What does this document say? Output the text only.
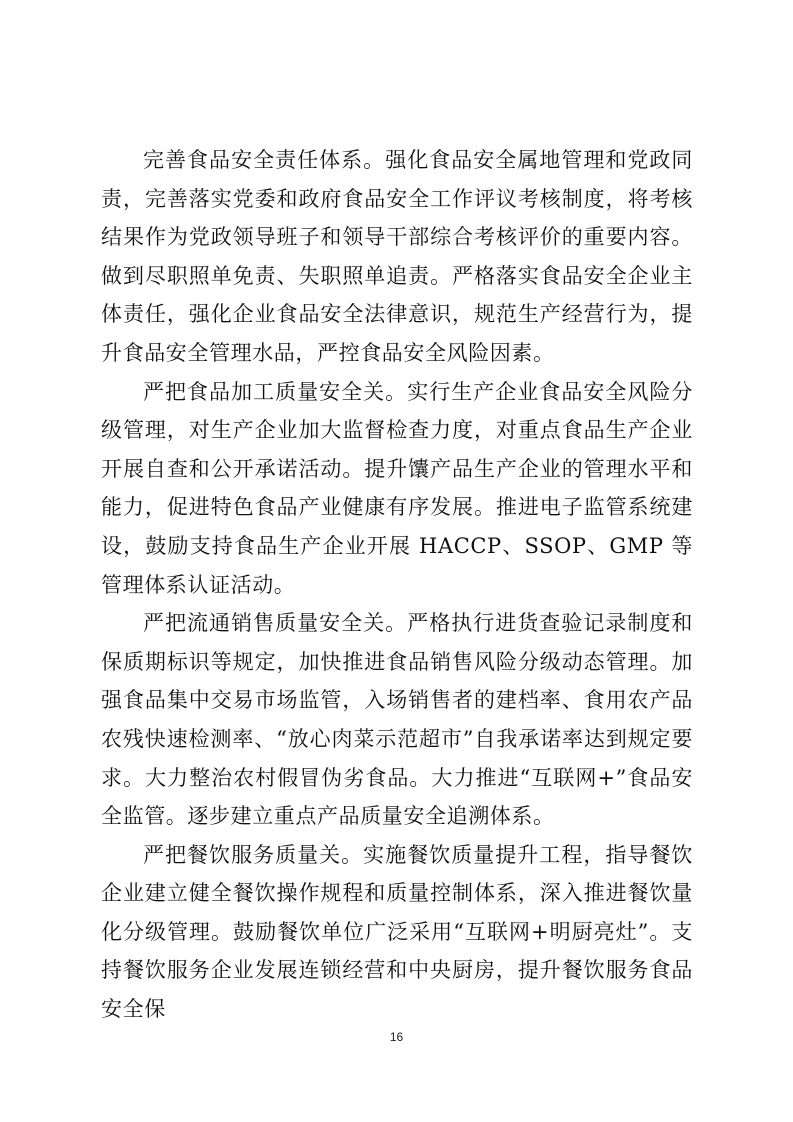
完善食品安全责任体系。强化食品安全属地管理和党政同责，完善落实党委和政府食品安全工作评议考核制度，将考核结果作为党政领导班子和领导干部综合考核评价的重要内容。做到尽职照单免责、失职照单追责。严格落实食品安全企业主体责任，强化企业食品安全法律意识，规范生产经营行为，提升食品安全管理水品，严控食品安全风险因素。

严把食品加工质量安全关。实行生产企业食品安全风险分级管理，对生产企业加大监督检查力度，对重点食品生产企业开展自查和公开承诺活动。提升馕产品生产企业的管理水平和能力，促进特色食品产业健康有序发展。推进电子监管系统建设，鼓励支持食品生产企业开展 HACCP、SSOP、GMP 等管理体系认证活动。

严把流通销售质量安全关。严格执行进货查验记录制度和保质期标识等规定，加快推进食品销售风险分级动态管理。加强食品集中交易市场监管，入场销售者的建档率、食用农产品农残快速检测率、“放心肉菜示范超市”自我承诺率达到规定要求。大力整治农村假冒伪劣食品。大力推进“互联网+”食品安全监管。逐步建立重点产品质量安全追溯体系。

严把餐饮服务质量关。实施餐饮质量提升工程，指导餐饮企业建立健全餐饮操作规程和质量控制体系，深入推进餐饮量化分级管理。鼓励餐饮单位广泛采用“互联网+明厨亮灶”。支持餐饮服务企业发展连锁经营和中央厨房，提升餐饮服务食品安全保

16
